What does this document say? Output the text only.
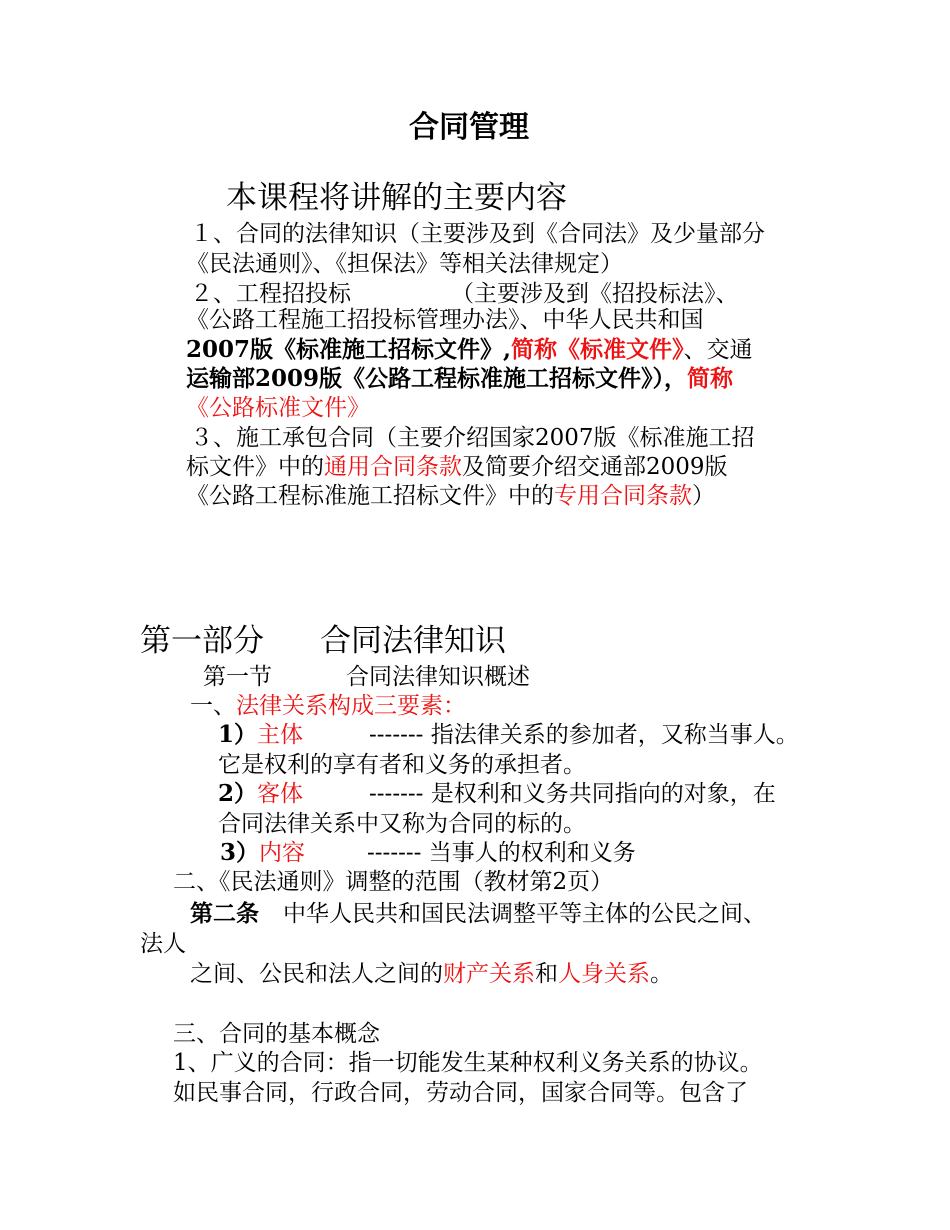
合同管理
本课程将讲解的主要内容
１、合同的法律知识（主要涉及到《合同法》及少量部分
《民法通则》、《担保法》等相关法律规定）
２、工程招投标	（主要涉及到《招投标法》、
《公路工程施工招投标管理办法》、中华人民共和国
2007版《标准施工招标文件》,简称《标准文件》、交通
运输部2009版《公路工程标准施工招标文件》），简称
《公路标准文件》
３、施工承包合同（主要介绍国家2007版《标准施工招
标文件》中的通用合同条款及简要介绍交通部2009版
《公路工程标准施工招标文件》中的专用合同条款）
第一部分 合同法律知识
第一节	合同法律知识概述
一、法律关系构成三要素：
1）主体	------- 指法律关系的参加者，又称当事人。
它是权利的享有者和义务的承担者。
2）客体	------- 是权利和义务共同指向的对象，在
合同法律关系中又称为合同的标的。
3）内容	------- 当事人的权利和义务
二、《民法通则》调整的范围（教材第2页）
第二条 中华人民共和国民法调整平等主体的公民之间、
法人
之间、公民和法人之间的财产关系和人身关系。
三、合同的基本概念
1、广义的合同：指一切能发生某种权利义务关系的协议。
如民事合同，行政合同，劳动合同，国家合同等。包含了
